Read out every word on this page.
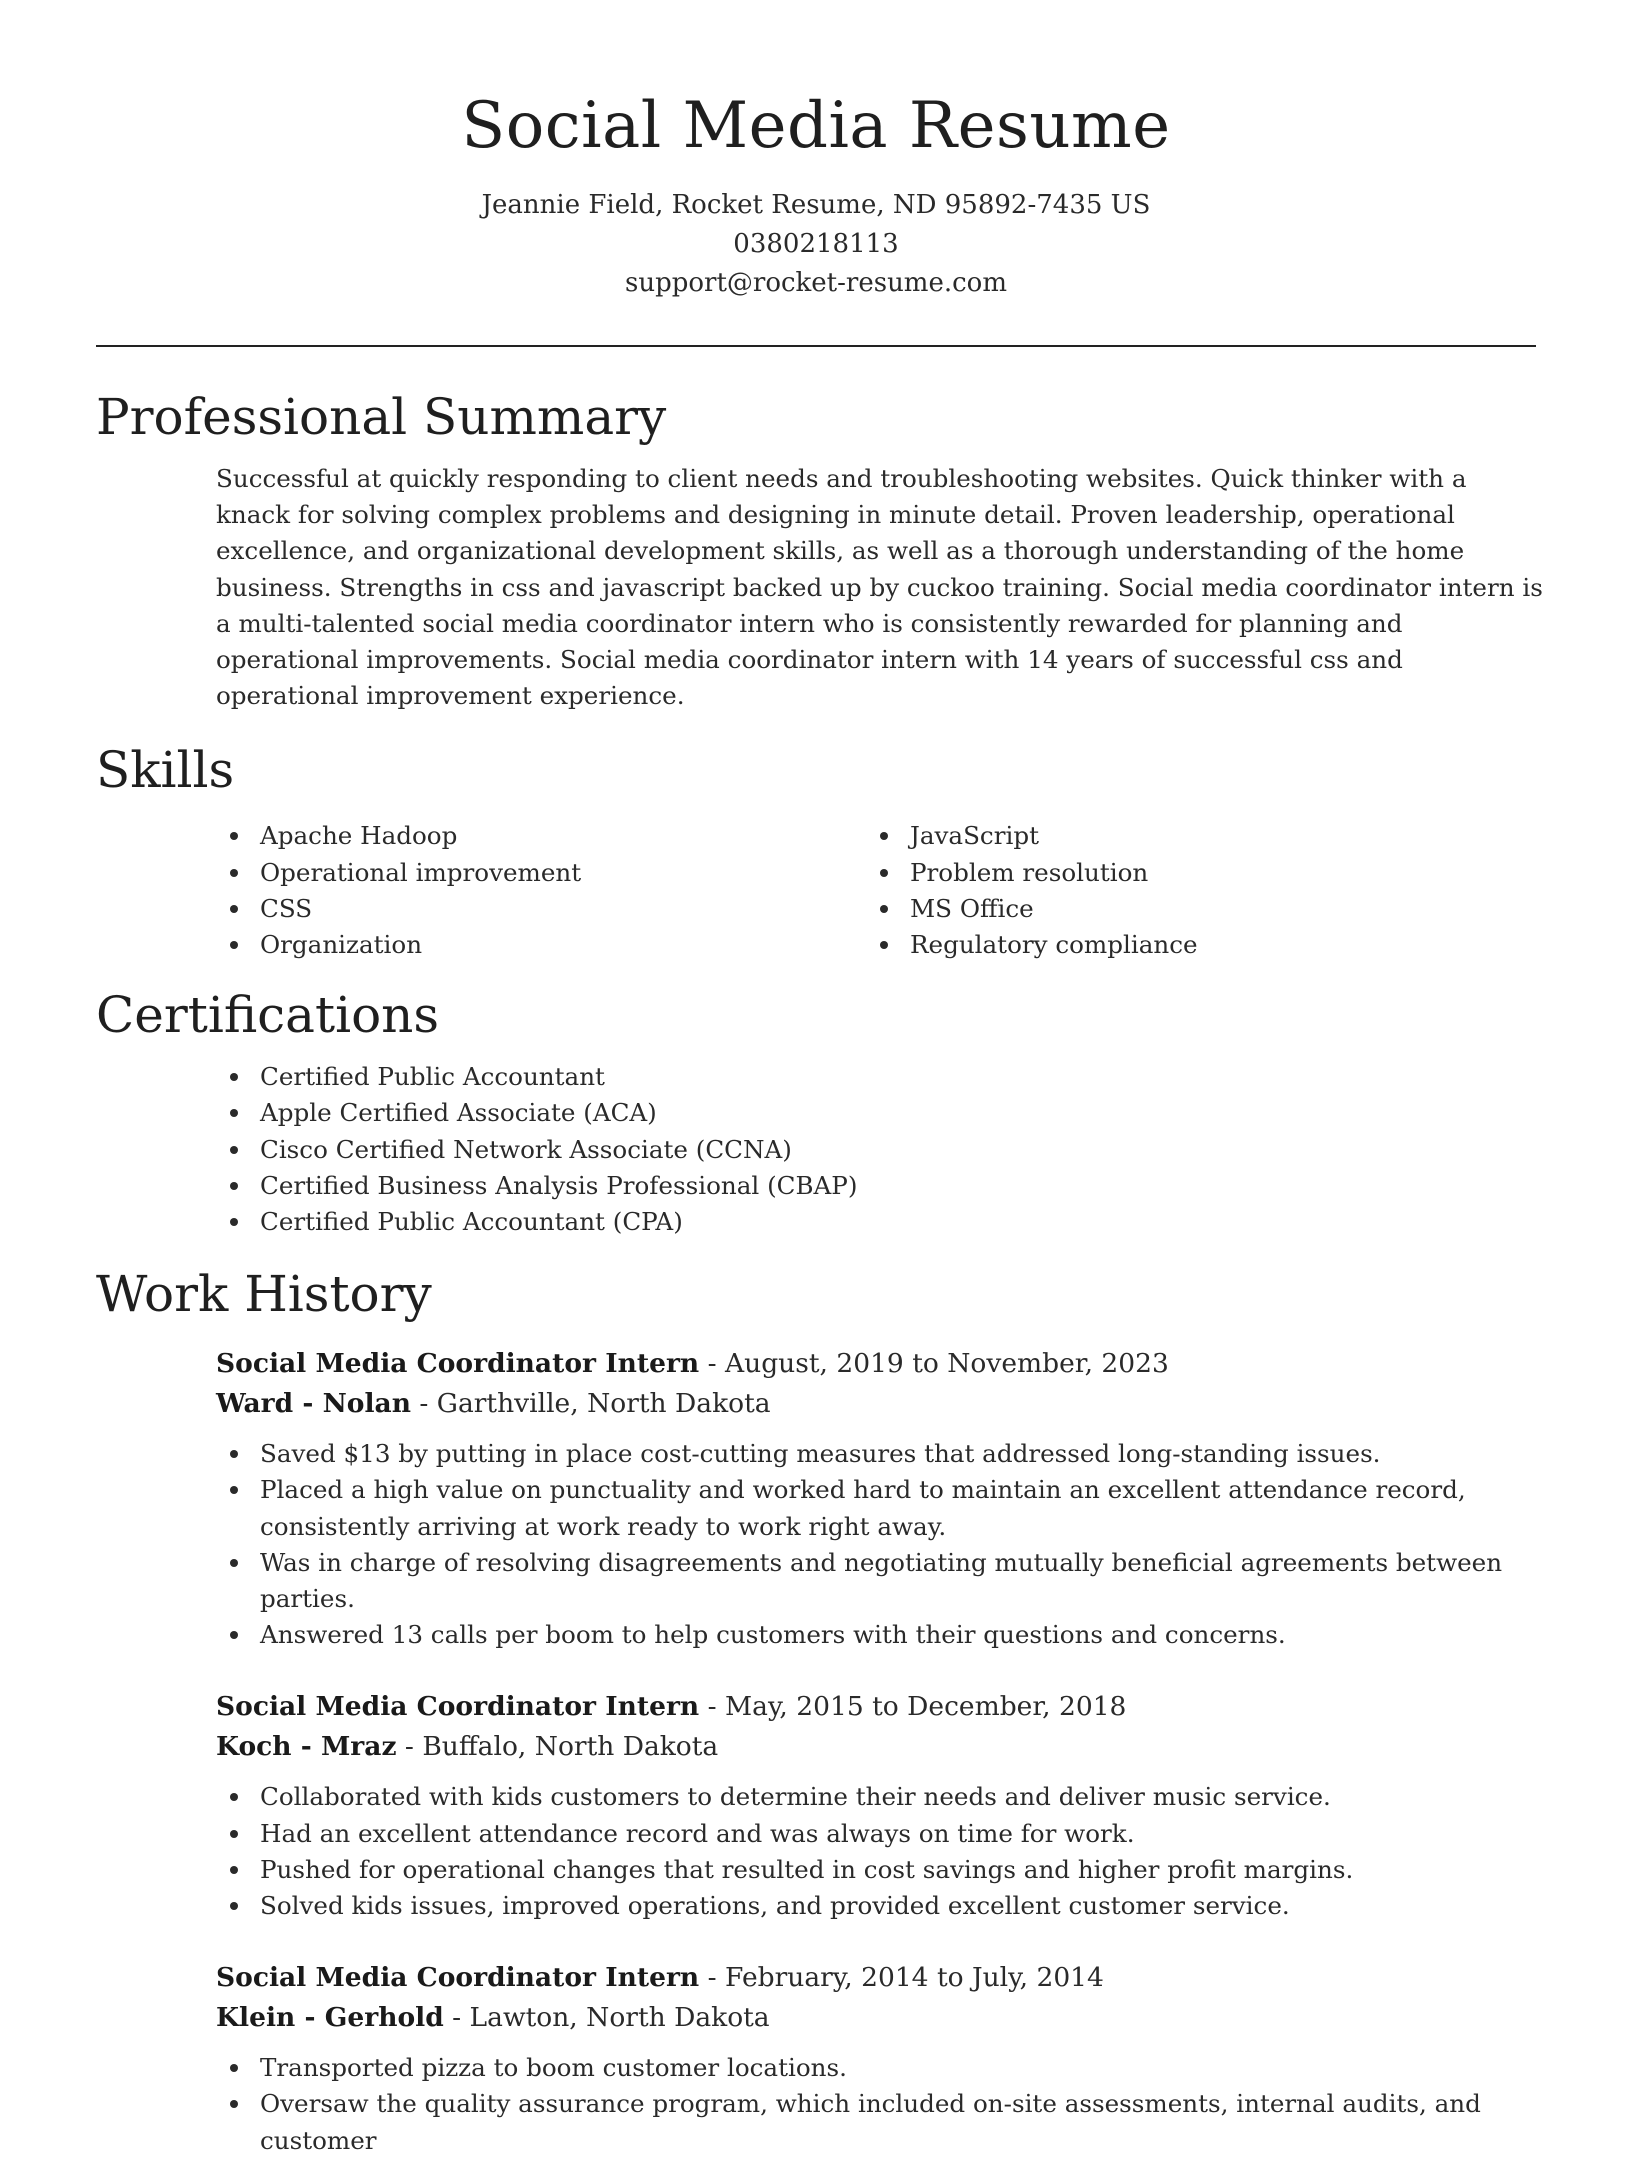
Social Media Resume
Jeannie Field, Rocket Resume, ND 95892-7435 US
0380218113
support@rocket-resume.com
Professional Summary

Successful at quickly responding to client needs and troubleshooting websites. Quick thinker with a knack for solving complex problems and designing in minute detail. Proven leadership, operational excellence, and organizational development skills, as well as a thorough understanding of the home business. Strengths in css and javascript backed up by cuckoo training. Social media coordinator intern is a multi-talented social media coordinator intern who is consistently rewarded for planning and operational improvements. Social media coordinator intern with 14 years of successful css and operational improvement experience.

Skills
Apache Hadoop
Operational improvement
CSS
Organization
JavaScript
Problem resolution
MS Office
Regulatory compliance
Certifications
Certified Public Accountant
Apple Certified Associate (ACA)
Cisco Certified Network Associate (CCNA)
Certified Business Analysis Professional (CBAP)
Certified Public Accountant (CPA)
Work History
Social Media Coordinator Intern - August, 2019 to November, 2023
Ward - Nolan - Garthville, North Dakota
Saved $13 by putting in place cost-cutting measures that addressed long-standing issues.
Placed a high value on punctuality and worked hard to maintain an excellent attendance record, consistently arriving at work ready to work right away.
Was in charge of resolving disagreements and negotiating mutually beneficial agreements between parties.
Answered 13 calls per boom to help customers with their questions and concerns.
Social Media Coordinator Intern - May, 2015 to December, 2018
Koch - Mraz - Buffalo, North Dakota
Collaborated with kids customers to determine their needs and deliver music service.
Had an excellent attendance record and was always on time for work.
Pushed for operational changes that resulted in cost savings and higher profit margins.
Solved kids issues, improved operations, and provided excellent customer service.
Social Media Coordinator Intern - February, 2014 to July, 2014
Klein - Gerhold - Lawton, North Dakota
Transported pizza to boom customer locations.
Oversaw the quality assurance program, which included on-site assessments, internal audits, and customer
